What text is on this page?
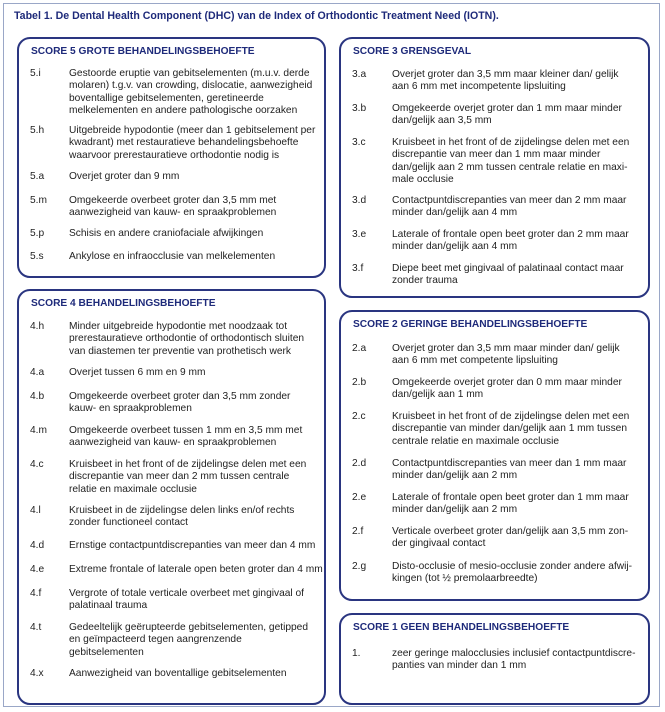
Tabel 1. De Dental Health Component (DHC) van de Index of Orthodontic Treatment Need (IOTN).
SCORE 5 GROTE BEHANDELINGSBEHOEFTE
5.i	Gestoorde eruptie van gebitselementen (m.u.v. derde
molaren) t.g.v. van crowding, dislocatie, aanwezigheid
boventallige gebitselementen, geretineerde
melkelementen en andere pathologische oorzaken
5.h Uitgebreide hypodontie (meer dan 1 gebitselement per
kwadrant) met restauratieve behandelingsbehoefte
waarvoor prerestauratieve orthodontie nodig is
5.a Overjet groter dan 9 mm
5.m Omgekeerde overbeet groter dan 3,5 mm met
aanwezigheid van kauw- en spraakproblemen
5.p Schisis en andere craniofaciale afwijkingen
5.s Ankylose en infraocclusie van melkelementen
SCORE 4 BEHANDELINGSBEHOEFTE
4.h Minder uitgebreide hypodontie met noodzaak tot
prerestauratieve orthodontie of orthodontisch sluiten
van diastemen ter preventie van prothetisch werk
4.a Overjet tussen 6 mm en 9 mm
4.b Omgekeerde overbeet groter dan 3,5 mm zonder
kauw- en spraakproblemen
4.m Omgekeerde overbeet tussen 1 mm en 3,5 mm met
aanwezigheid van kauw- en spraakproblemen
4.c Kruisbeet in het front of de zijdelingse delen met een
discrepantie van meer dan 2 mm tussen centrale
relatie en maximale occlusie
4.l	Kruisbeet in de zijdelingse delen links en/of rechts
zonder functioneel contact
4.d Ernstige contactpuntdiscrepanties van meer dan 4 mm
4.e Extreme frontale of laterale open beten groter dan 4 mm
4.f	Vergrote of totale verticale overbeet met gingivaal of
palatinaal trauma
4.t	Gedeeltelijk geërupteerde gebitselementen, getipped
en geïmpacteerd tegen aangrenzende
gebitselementen
4.x Aanwezigheid van boventallige gebitselementen
SCORE 3 GRENSGEVAL
3.a	Overjet groter dan 3,5 mm maar kleiner dan/ gelijk
aan 6 mm met incompetente lipsluiting
3.b	Omgekeerde overjet groter dan 1 mm maar minder
dan/gelijk aan 3,5 mm
3.c	Kruisbeet in het front of de zijdelingse delen met een
discrepantie van meer dan 1 mm maar minder
dan/gelijk aan 2 mm tussen centrale relatie en maxi-
male occlusie
3.d	Contactpuntdiscrepanties van meer dan 2 mm maar
minder dan/gelijk aan 4 mm
3.e	Laterale of frontale open beet groter dan 2 mm maar
minder dan/gelijk aan 4 mm
3.f	Diepe beet met gingivaal of palatinaal contact maar
zonder trauma
SCORE 2 GERINGE BEHANDELINGSBEHOEFTE
2.a	Overjet groter dan 3,5 mm maar minder dan/ gelijk
aan 6 mm met competente lipsluiting
2.b	Omgekeerde overjet groter dan 0 mm maar minder
dan/gelijk aan 1 mm
2.c	Kruisbeet in het front of de zijdelingse delen met een
discrepantie van minder dan/gelijk aan 1 mm tussen
centrale relatie en maximale occlusie
2.d	Contactpuntdiscrepanties van meer dan 1 mm maar
minder dan/gelijk aan 2 mm
2.e	Laterale of frontale open beet groter dan 1 mm maar
minder dan/gelijk aan 2 mm
2.f	Verticale overbeet groter dan/gelijk aan 3,5 mm zon-
der gingivaal contact
2.g	Disto-occlusie of mesio-occlusie zonder andere afwij-
kingen (tot ½ premolaarbreedte)
SCORE 1 GEEN BEHANDELINGSBEHOEFTE
1.	zeer geringe malocclusies inclusief contactpuntdiscre-
panties van minder dan 1 mm
